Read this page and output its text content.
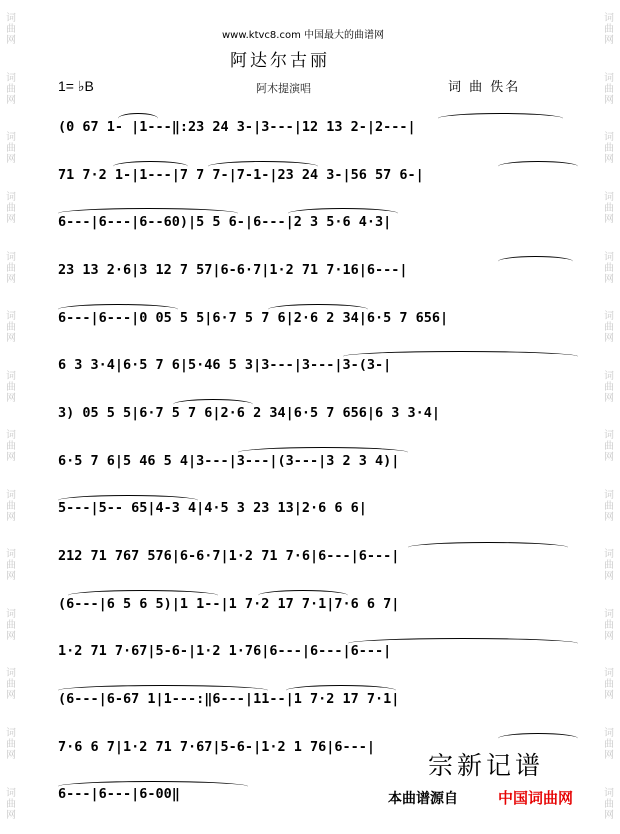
词
曲
网
词
曲
网
词
曲
网
词
曲
网
词
曲
网
词
曲
网
词
曲
网
词
曲
网
词
曲
网
词
曲
网
词
曲
网
词
曲
网
词
曲
网
词
曲
网
词
曲
网
词
曲
网
词
曲
网
词
曲
网
词
曲
网
词
曲
网
词
曲
网
词
曲
网
词
曲
网
词
曲
网
词
曲
网
词
曲
网
词
曲
网
词
曲
网
www.ktvc8.com 中国最大的曲谱网
阿达尔古丽
1= ♭B	阿木提演唱	词 曲 佚名
(0 67 1- |1---‖:23 24 3-|3---|12 13 2-|2---|
71 7·2 1-|1---|7 7 7-|7-1-|23 24 3-|56 57 6-|
6---|6---|6--60)|5 5 6-|6---|2 3 5·6 4·3|
23 13 2·6|3 12 7 57|6-6·7|1·2 71 7·16|6---|
6---|6---|0 05 5 5|6·7 5 7 6|2·6 2 34|6·5 7 656|
6 3 3·4|6·5 7 6|5·46 5 3|3---|3---|3-(3-|
3) 05 5 5|6·7 5 7 6|2·6 2 34|6·5 7 656|6 3 3·4|
6·5 7 6|5 46 5 4|3---|3---|(3---|3 2 3 4)|
5---|5-- 65|4-3 4|4·5 3 23 13|2·6 6 6|
212 71 767 576|6-6·7|1·2 71 7·6|6---|6---|
(6---|6 5 6 5)|1 1--|1 7·2 17 7·1|7·6 6 7|
1·2 71 7·67|5-6-|1·2 1·76|6---|6---|6---|
(6---|6-67 1|1---:‖6---|11--|1 7·2 17 7·1|
7·6 6 7|1·2 71 7·67|5-6-|1·2 1 76|6---|
6---|6---|6-00‖
宗新记谱
本曲谱源自	中国词曲网
